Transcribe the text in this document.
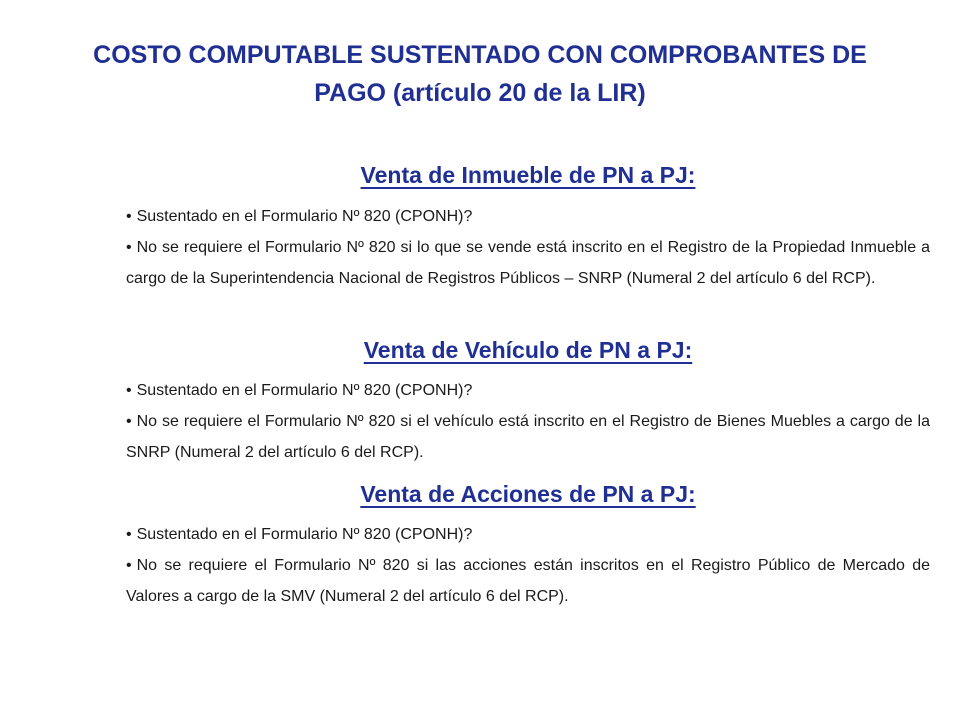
COSTO COMPUTABLE SUSTENTADO CON COMPROBANTES DE PAGO (artículo 20 de la LIR)
Venta de Inmueble de PN a PJ:
• Sustentado en el Formulario Nº 820 (CPONH)?
• No se requiere el Formulario Nº 820 si lo que se vende está inscrito en el Registro de la Propiedad Inmueble a cargo de la Superintendencia Nacional de Registros Públicos – SNRP (Numeral 2 del artículo 6 del RCP).
Venta de Vehículo de PN a PJ:
• Sustentado en el Formulario Nº 820 (CPONH)?
• No se requiere el Formulario Nº 820 si el vehículo está inscrito en el Registro de Bienes Muebles a cargo de la SNRP (Numeral 2 del artículo 6 del RCP).
Venta de Acciones de PN a PJ:
• Sustentado en el Formulario Nº 820 (CPONH)?
• No se requiere el Formulario Nº 820 si las acciones están inscritos en el Registro Público de Mercado de Valores a cargo de la SMV (Numeral 2 del artículo 6 del RCP).
